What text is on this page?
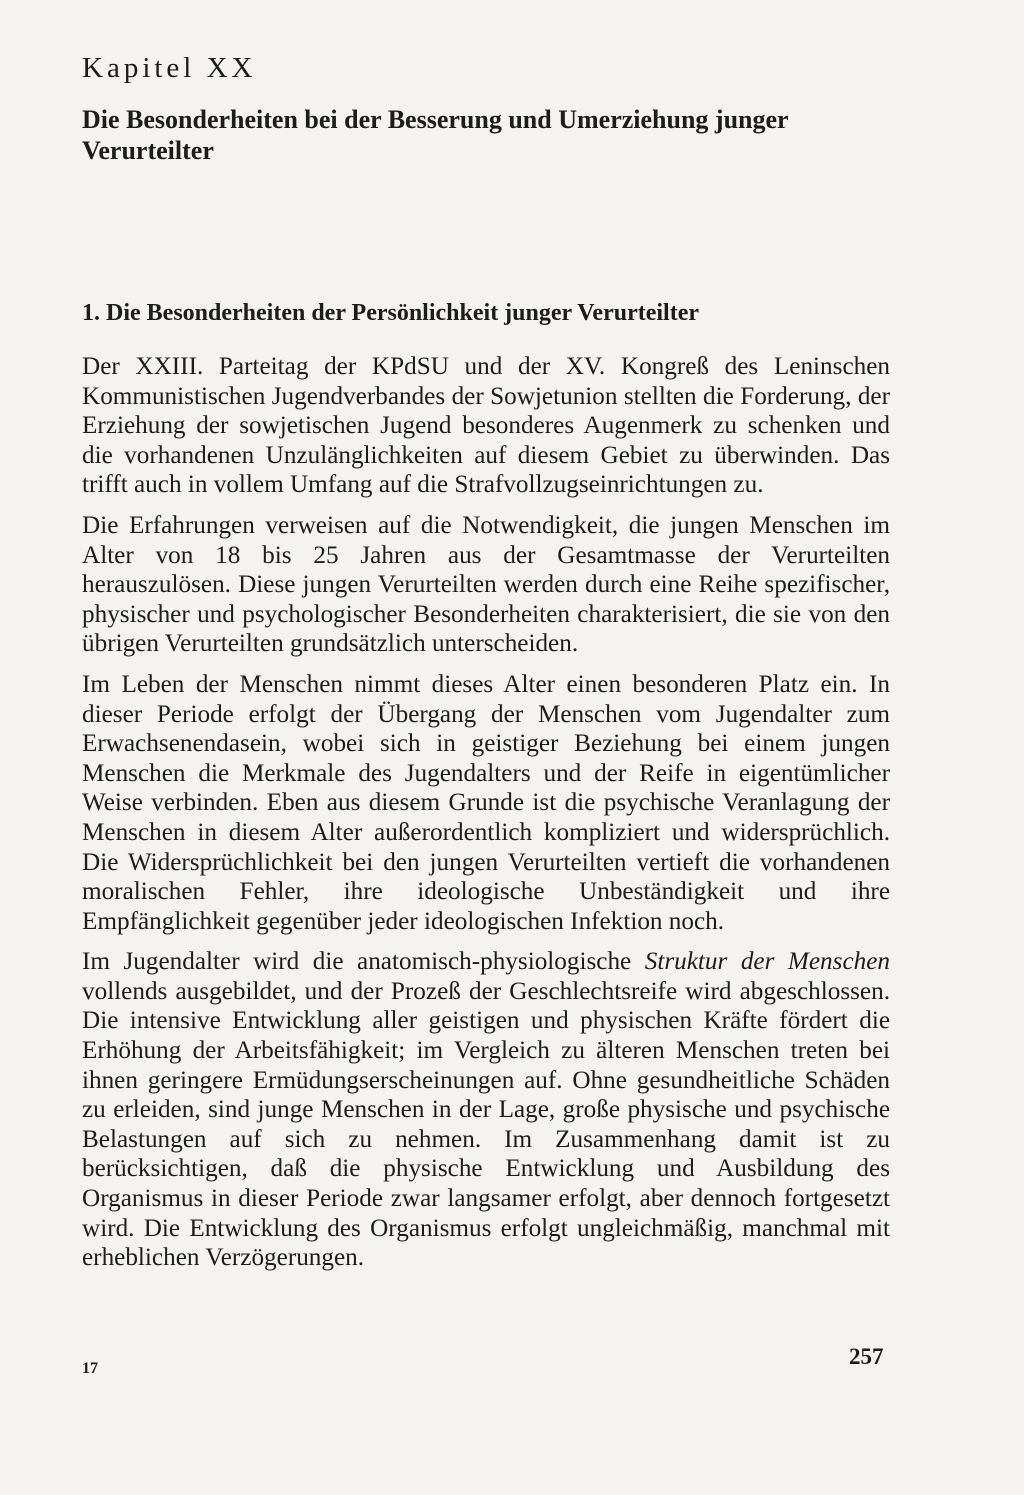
Kapitel XX
Die Besonderheiten bei der Besserung und Umerziehung junger Verurteilter
1. Die Besonderheiten der Persönlichkeit junger Verurteilter

Der XXIII. Parteitag der KPdSU und der XV. Kongreß des Leninschen Kommunistischen Jugendverbandes der Sowjetunion stellten die Forderung, der Erziehung der sowjetischen Jugend besonderes Augenmerk zu schenken und die vorhandenen Unzulänglichkeiten auf diesem Gebiet zu überwinden. Das trifft auch in vollem Umfang auf die Strafvollzugseinrichtungen zu.

Die Erfahrungen verweisen auf die Notwendigkeit, die jungen Menschen im Alter von 18 bis 25 Jahren aus der Gesamtmasse der Verurteilten herauszulösen. Diese jungen Verurteilten werden durch eine Reihe spezifischer, physischer und psychologischer Besonderheiten charakterisiert, die sie von den übrigen Verurteilten grundsätzlich unterscheiden.

Im Leben der Menschen nimmt dieses Alter einen besonderen Platz ein. In dieser Periode erfolgt der Übergang der Menschen vom Jugendalter zum Erwachsenendasein, wobei sich in geistiger Beziehung bei einem jungen Menschen die Merkmale des Jugendalters und der Reife in eigentümlicher Weise verbinden. Eben aus diesem Grunde ist die psychische Veranlagung der Menschen in diesem Alter außerordentlich kompliziert und widersprüchlich. Die Widersprüchlichkeit bei den jungen Verurteilten vertieft die vorhandenen moralischen Fehler, ihre ideologische Unbeständigkeit und ihre Empfänglichkeit gegenüber jeder ideologischen Infektion noch.

Im Jugendalter wird die anatomisch-physiologische Struktur der Menschen vollends ausgebildet, und der Prozeß der Geschlechtsreife wird abgeschlossen. Die intensive Entwicklung aller geistigen und physischen Kräfte fördert die Erhöhung der Arbeitsfähigkeit; im Vergleich zu älteren Menschen treten bei ihnen geringere Ermüdungserscheinungen auf. Ohne gesundheitliche Schäden zu erleiden, sind junge Menschen in der Lage, große physische und psychische Belastungen auf sich zu nehmen. Im Zusammenhang damit ist zu berücksichtigen, daß die physische Entwicklung und Ausbildung des Organismus in dieser Periode zwar langsamer erfolgt, aber dennoch fortgesetzt wird. Die Entwicklung des Organismus erfolgt ungleichmäßig, manchmal mit erheblichen Verzögerungen.

17	257
